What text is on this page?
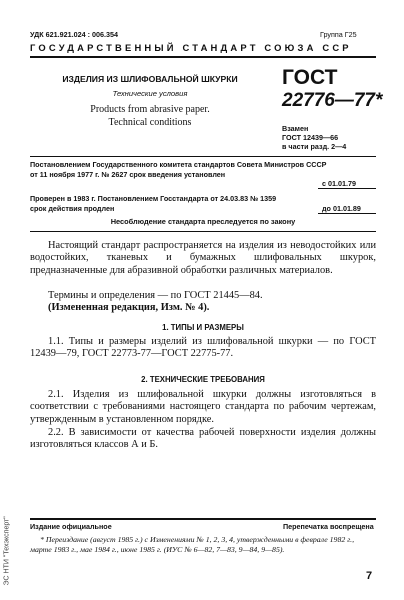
УДК 621.921.024 : 006.354	Группа Г25
ГОСУДАРСТВЕННЫЙ СТАНДАРТ СОЮЗА ССР
ИЗДЕЛИЯ ИЗ ШЛИФОВАЛЬНОЙ ШКУРКИ
Технические условия
Products from abrasive paper.
Technical conditions
ГОСТ
22776—77*
Взамен
ГОСТ 12439—66
в части разд. 2—4
Постановлением Государственного комитета стандартов Совета Министров СССР
от 11 ноября 1977 г. № 2627 срок введения установлен
с 01.01.79
Проверен в 1983 г. Постановлением Госстандарта от 24.03.83 № 1359
срок действия продлен	до 01.01.89
Несоблюдение стандарта преследуется по закону
Настоящий стандарт распространяется на изделия из неводостойких или водостойких, тканевых и бумажных шлифовальных шкурок, предназначенные для абразивной обработки различных материалов.
Термины и определения — по ГОСТ 21445—84.
(Измененная редакция, Изм. № 4).
1. ТИПЫ И РАЗМЕРЫ
1.1. Типы и размеры изделий из шлифовальной шкурки — по ГОСТ 12439—79, ГОСТ 22773-77—ГОСТ 22775-77.
2. ТЕХНИЧЕСКИЕ ТРЕБОВАНИЯ
2.1. Изделия из шлифовальной шкурки должны изготовляться в соответствии с требованиями настоящего стандарта по рабочим чертежам, утвержденным в установленном порядке.
2.2. В зависимости от качества рабочей поверхности изделия должны изготовляться классов А и Б.
Издание официальное	Перепечатка воспрещена
* Переиздание (август 1985 г.) с Изменениями № 1, 2, 3, 4, утвержденными в феврале 1982 г., марте 1983 г., мае 1984 г., июне 1985 г. (ИУС № 6—82, 7—83, 9—84, 9—85).
7
ЭС НТИ "Техэксперт"
